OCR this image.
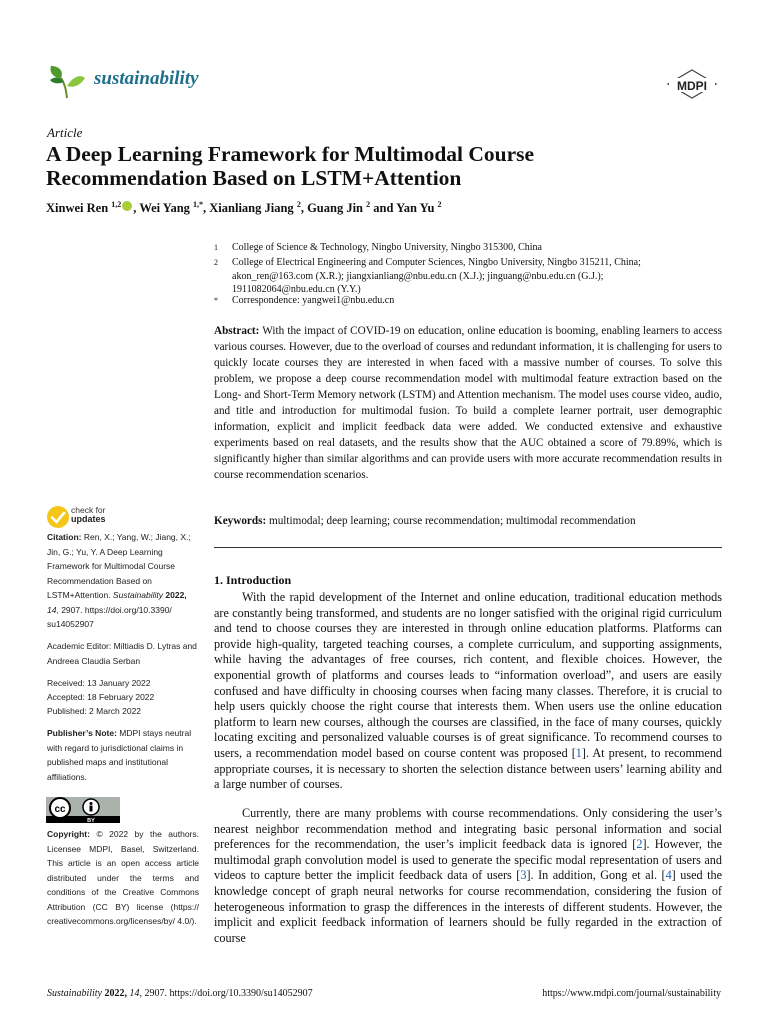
sustainability	MDPI
Article
A Deep Learning Framework for Multimodal Course Recommendation Based on LSTM+Attention
Xinwei Ren $^{1,2}$ , Wei Yang $^{1,*}$, Xianliang Jiang $^2$, Guang Jin $^2$ and Yan Yu $^2$
1 College of Science & Technology, Ningbo University, Ningbo 315300, China
2 College of Electrical Engineering and Computer Sciences, Ningbo University, Ningbo 315211, China;
akon_ren@163.com (X.R.); jiangxianliang@nbu.edu.cn (X.J.); jinguang@nbu.edu.cn (G.J.);
1911082064@nbu.edu.cn (Y.Y.)
* Correspondence: yangwei1@nbu.edu.cn
Abstract: With the impact of COVID-19 on education, online education is booming, enabling learners to access various courses. However, due to the overload of courses and redundant information, it is challenging for users to quickly locate courses they are interested in when faced with a massive number of courses. To solve this problem, we propose a deep course recommendation model with multimodal feature extraction based on the Long- and Short-Term Memory network (LSTM) and Attention mechanism. The model uses course video, audio, and title and introduction for multimodal fusion. To build a complete learner portrait, user demographic information, explicit and implicit feedback data were added. We conducted extensive and exhaustive experiments based on real datasets, and the results show that the AUC obtained a score of 79.89%, which is significantly higher than similar algorithms and can provide users with more accurate recommendation results in course recommendation scenarios.
Keywords: multimodal; deep learning; course recommendation; multimodal recommendation
1. Introduction
With the rapid development of the Internet and online education, traditional education methods are constantly being transformed, and students are no longer satisfied with the original rigid curriculum and tend to choose courses they are interested in through online education platforms. Platforms can provide high-quality, targeted teaching courses, a complete curriculum, and supporting assignments, while having the advantages of free courses, rich content, and flexible choices. However, the exponential growth of platforms and courses leads to “information overload”, and users are easily confused and have difficulty in choosing courses when facing many classes. Therefore, it is crucial to help users quickly choose the right course that interests them. When users use the online education platform to learn new courses, although the courses are classified, in the face of many courses, quickly locating exciting and personalized valuable courses is of great significance. To recommend courses to users, a recommendation model based on course content was proposed [1]. At present, to recommend appropriate courses, it is necessary to shorten the selection distance between users’ learning ability and a large number of courses.
Currently, there are many problems with course recommendations. Only considering the user’s nearest neighbor recommendation method and integrating basic personal information and social preferences for the recommendation, the user’s implicit feedback data is ignored [2]. However, the multimodal graph convolution model is used to generate the specific modal representation of users and videos to capture better the implicit feedback data of users [3]. In addition, Gong et al. [4] used the knowledge concept of graph neural networks for course recommendation, considering the fusion of heterogeneous information to grasp the differences in the interests of different students. However, the implicit and explicit feedback information of learners should be fully regarded in the extraction of course
check for
updates
Citation: Ren, X.; Yang, W.; Jiang, X.; Jin, G.; Yu, Y. A Deep Learning Framework for Multimodal Course Recommendation Based on LSTM+Attention. Sustainability 2022, 14, 2907. https://doi.org/10.3390/ su14052907
Academic Editor: Miltiadis D. Lytras and Andreea Claudia Serban
Received: 13 January 2022
Accepted: 18 February 2022
Published: 2 March 2022
Publisher’s Note: MDPI stays neutral with regard to jurisdictional claims in published maps and institutional affiliations.
cc
BY
Copyright: © 2022 by the authors. Licensee MDPI, Basel, Switzerland. This article is an open access article distributed under the terms and conditions of the Creative Commons Attribution (CC BY) license (https:// creativecommons.org/licenses/by/ 4.0/).
Sustainability 2022, 14, 2907. https://doi.org/10.3390/su14052907	https://www.mdpi.com/journal/sustainability
